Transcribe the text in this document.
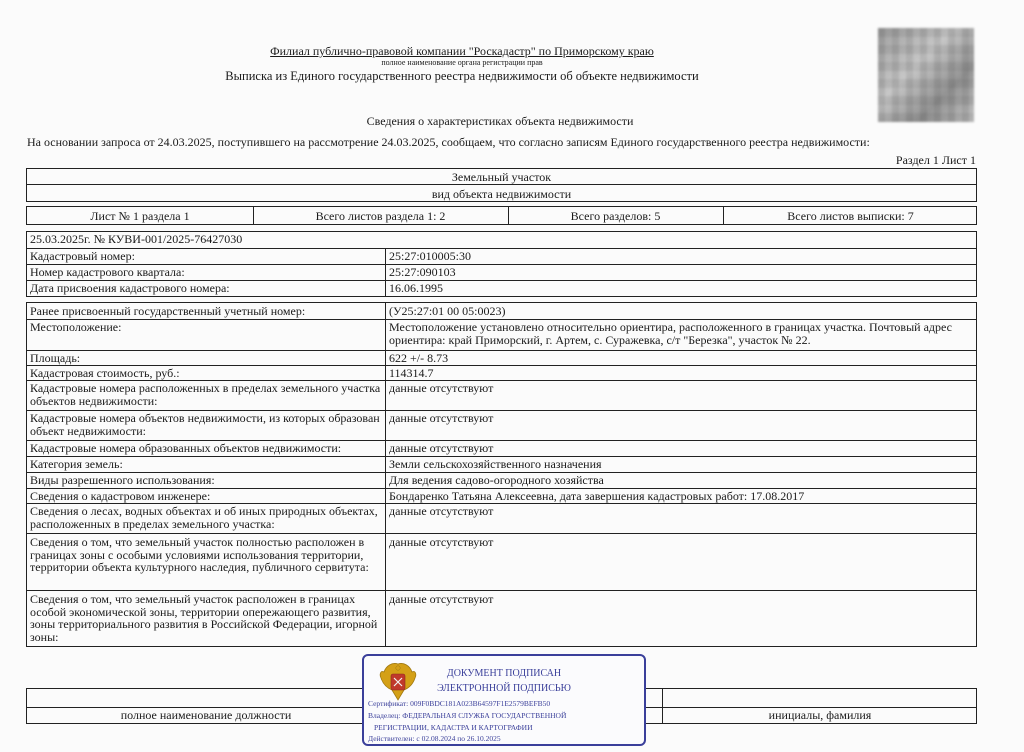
Филиал публично-правовой компании "Роскадастр" по Приморскому краю
полное наименование органа регистрации прав
Выписка из Единого государственного реестра недвижимости об объекте недвижимости
Сведения о характеристиках объекта недвижимости
На основании запроса от 24.03.2025, поступившего на рассмотрение 24.03.2025, сообщаем, что согласно записям Единого государственного реестра недвижимости:
Раздел 1 Лист 1
Земельный участок
вид объекта недвижимости
Лист № 1 раздела 1	Всего листов раздела 1: 2	Всего разделов: 5	Всего листов выписки: 7
25.03.2025г. № КУВИ-001/2025-76427030
Кадастровый номер:	25:27:010005:30
Номер кадастрового квартала:	25:27:090103
Дата присвоения кадастрового номера:	16.06.1995
Ранее присвоенный государственный учетный номер:	(У25:27:01 00 05:0023)
Местоположение:	Местоположение установлено относительно ориентира, расположенного в границах участка. Почтовый адрес ориентира: край Приморский, г. Артем, с. Суражевка, с/т "Березка", участок № 22.
Площадь:	622 +/- 8.73
Кадастровая стоимость, руб.:	114314.7
Кадастровые номера расположенных в пределах земельного участка объектов недвижимости:
данные отсутствуют
Кадастровые номера объектов недвижимости, из которых образован объект недвижимости:
данные отсутствуют
Кадастровые номера образованных объектов недвижимости:	данные отсутствуют
Категория земель:	Земли сельскохозяйственного назначения
Виды разрешенного использования:	Для ведения садово-огородного хозяйства
Сведения о кадастровом инженере:	Бондаренко Татьяна Алексеевна, дата завершения кадастровых работ: 17.08.2017
Сведения о лесах, водных объектах и об иных природных объектах, расположенных в пределах земельного участка:
данные отсутствуют
Сведения о том, что земельный участок полностью расположен в границах зоны с особыми условиями использования территории, территории объекта культурного наследия, публичного сервитута:
данные отсутствуют
Сведения о том, что земельный участок расположен в границах особой экономической зоны, территории опережающего развития, зоны территориального развития в Российской Федерации, игорной зоны:
данные отсутствуют
полное наименование должности	инициалы, фамилия
ДОКУМЕНТ ПОДПИСАН
ЭЛЕКТРОННОЙ ПОДПИСЬЮ
Сертификат: 009F0BDC181A023B64597F1E2579BEFB50
Владелец: ФЕДЕРАЛЬНАЯ СЛУЖБА ГОСУДАРСТВЕННОЙ
РЕГИСТРАЦИИ, КАДАСТРА И КАРТОГРАФИИ
Действителен: с 02.08.2024 по 26.10.2025
